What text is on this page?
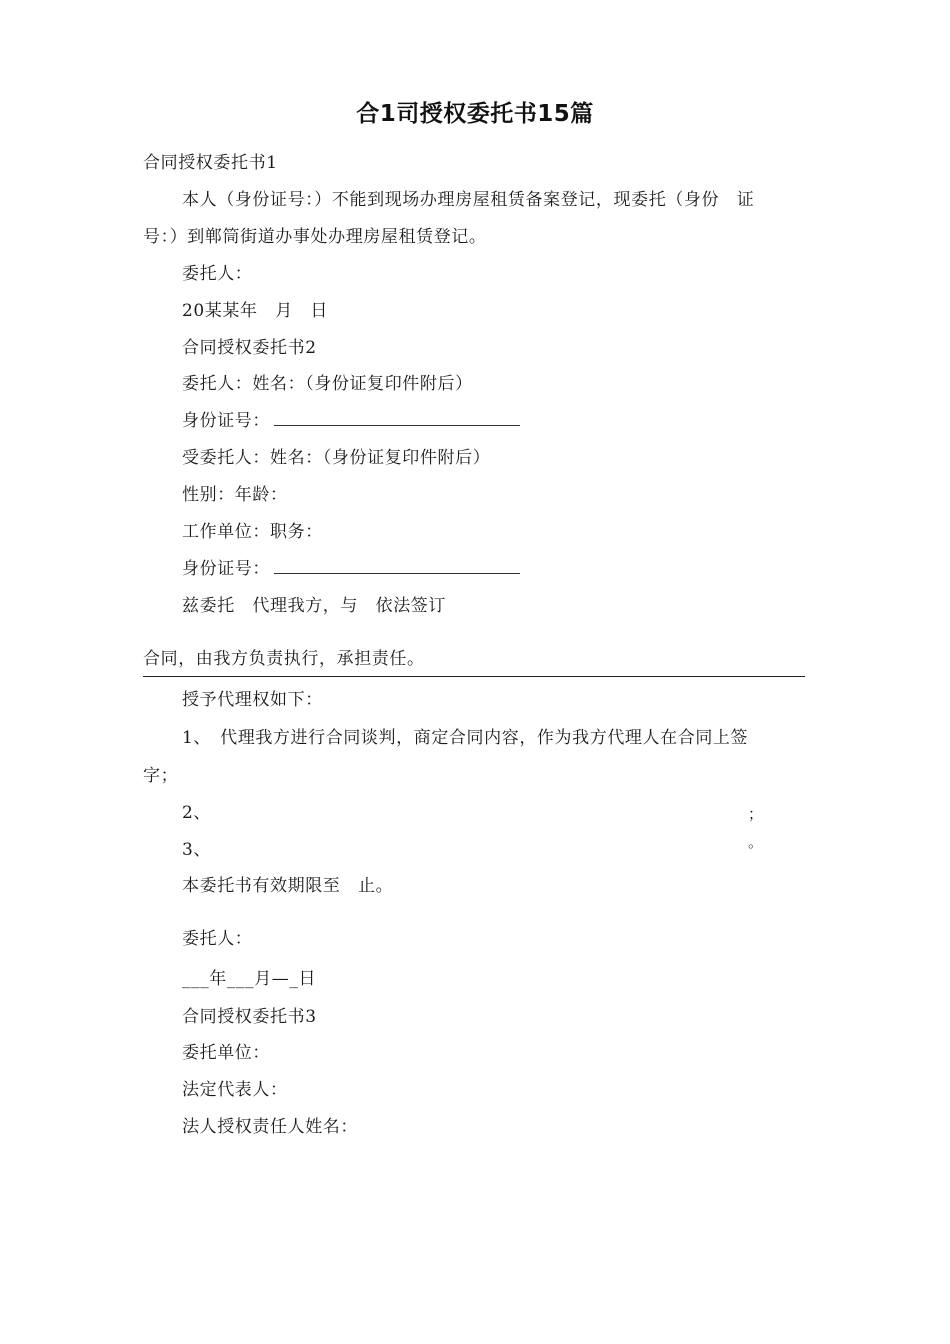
合1司授权委托书15篇
合同授权委托书1
本人（身份证号：）不能到现场办理房屋租赁备案登记，现委托（身份　证
号：）到郸筒街道办事处办理房屋租赁登记。
委托人：
20某某年　月　日
合同授权委托书2
委托人：姓名：（身份证复印件附后）
身份证号：
受委托人：姓名：（身份证复印件附后）
性别：年龄：
工作单位：职务：
身份证号：
兹委托　代理我方，与　依法签订
合同，由我方负责执行，承担责任。
授予代理权如下：
1、　代理我方进行合同谈判，商定合同内容，作为我方代理人在合同上签
字；
2、	；
3、	。
本委托书有效期限至　止。
委托人：
___年___月—_日
合同授权委托书3
委托单位：
法定代表人：
法人授权责任人姓名：
